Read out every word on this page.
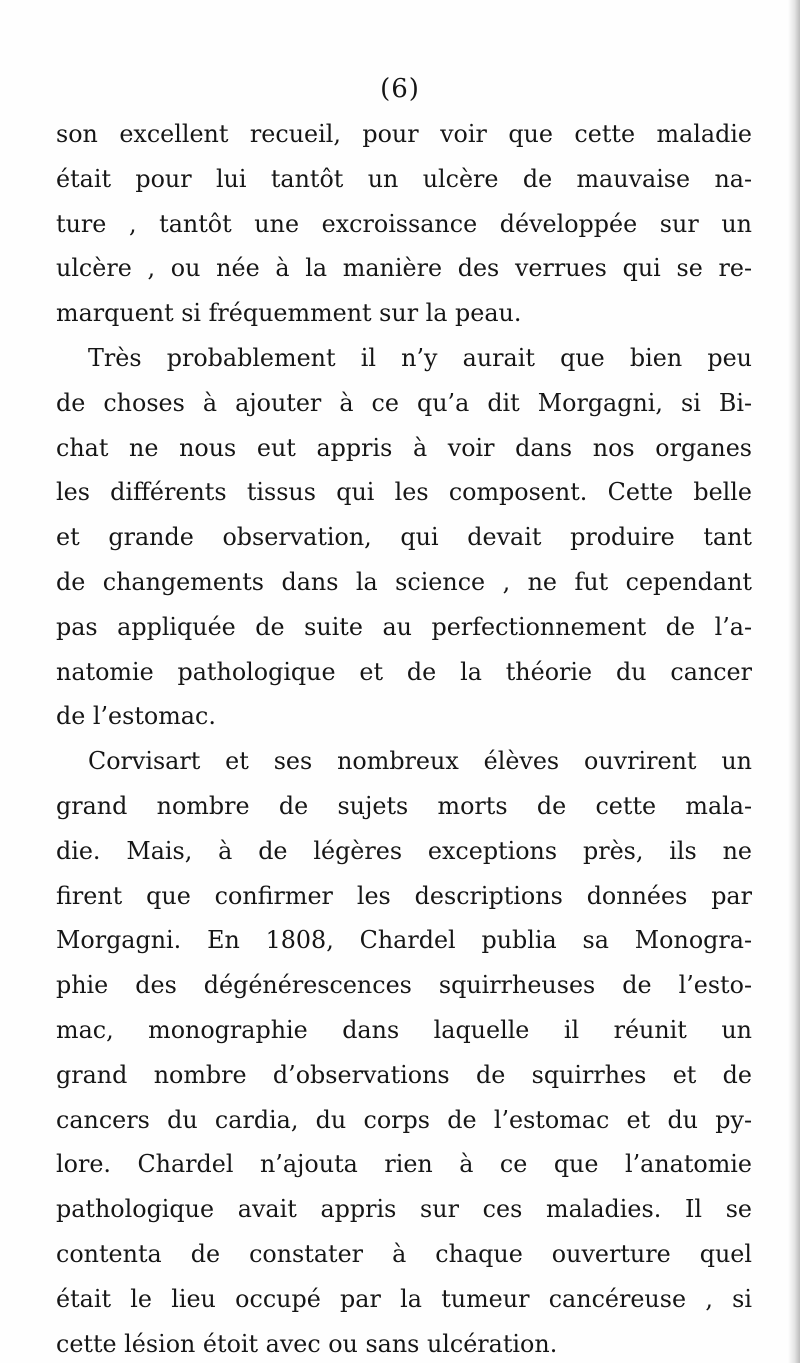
(6)
son excellent recueil, pour voir que cette maladie
était pour lui tantôt un ulcère de mauvaise na-
ture , tantôt une excroissance développée sur un
ulcère , ou née à la manière des verrues qui se re-
marquent si fréquemment sur la peau.
Très probablement il n’y aurait que bien peu
de choses à ajouter à ce qu’a dit Morgagni, si Bi-
chat ne nous eut appris à voir dans nos organes
les différents tissus qui les composent. Cette belle
et grande observation, qui devait produire tant
de changements dans la science , ne fut cependant
pas appliquée de suite au perfectionnement de l’a-
natomie pathologique et de la théorie du cancer
de l’estomac.
Corvisart et ses nombreux élèves ouvrirent un
grand nombre de sujets morts de cette mala-
die. Mais, à de légères exceptions près, ils ne
firent que confirmer les descriptions données par
Morgagni. En 1808, Chardel publia sa Monogra-
phie des dégénérescences squirrheuses de l’esto-
mac, monographie dans laquelle il réunit un
grand nombre d’observations de squirrhes et de
cancers du cardia, du corps de l’estomac et du py-
lore. Chardel n’ajouta rien à ce que l’anatomie
pathologique avait appris sur ces maladies. Il se
contenta de constater à chaque ouverture quel
était le lieu occupé par la tumeur cancéreuse , si
cette lésion étoit avec ou sans ulcération.
